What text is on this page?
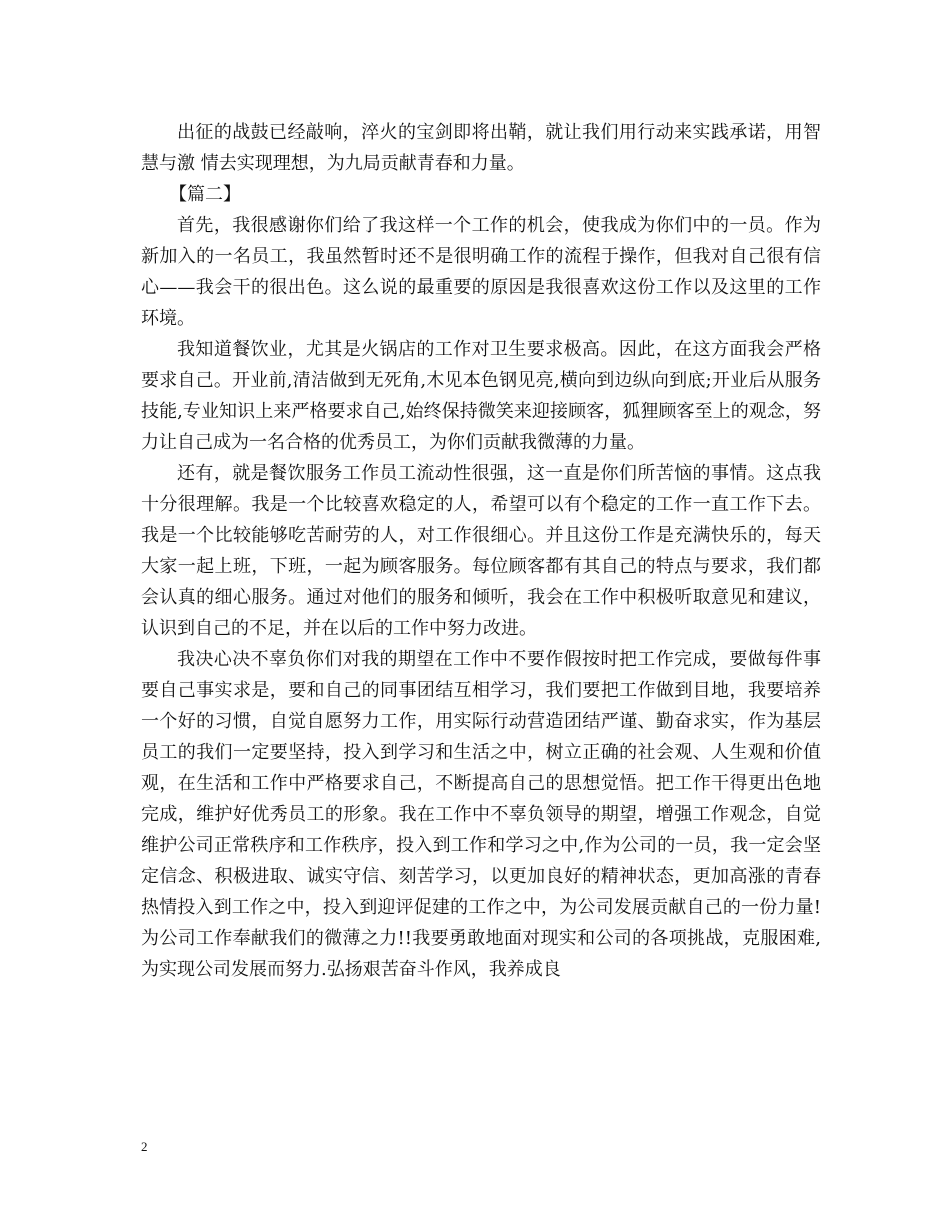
出征的战鼓已经敲响，淬火的宝剑即将出鞘，就让我们用行动来实践承诺，用智慧与激 情去实现理想，为九局贡献青春和力量。

【篇二】

首先，我很感谢你们给了我这样一个工作的机会，使我成为你们中的一员。作为新加入的一名员工，我虽然暂时还不是很明确工作的流程于操作，但我对自己很有信心——我会干的很出色。这么说的最重要的原因是我很喜欢这份工作以及这里的工作环境。

我知道餐饮业，尤其是火锅店的工作对卫生要求极高。因此，在这方面我会严格要求自己。开业前,清洁做到无死角,木见本色钢见亮,横向到边纵向到底;开业后从服务技能,专业知识上来严格要求自己,始终保持微笑来迎接顾客，狐狸顾客至上的观念，努力让自己成为一名合格的优秀员工，为你们贡献我微薄的力量。

还有，就是餐饮服务工作员工流动性很强，这一直是你们所苦恼的事情。这点我十分很理解。我是一个比较喜欢稳定的人，希望可以有个稳定的工作一直工作下去。我是一个比较能够吃苦耐劳的人，对工作很细心。并且这份工作是充满快乐的，每天大家一起上班，下班，一起为顾客服务。每位顾客都有其自己的特点与要求，我们都会认真的细心服务。通过对他们的服务和倾听，我会在工作中积极听取意见和建议，认识到自己的不足，并在以后的工作中努力改进。

我决心决不辜负你们对我的期望在工作中不要作假按时把工作完成，要做每件事要自己事实求是，要和自己的同事团结互相学习，我们要把工作做到目地，我要培养一个好的习惯，自觉自愿努力工作，用实际行动营造团结严谨、勤奋求实，作为基层员工的我们一定要坚持，投入到学习和生活之中，树立正确的社会观、人生观和价值观，在生活和工作中严格要求自己，不断提高自己的思想觉悟。把工作干得更出色地完成，维护好优秀员工的形象。我在工作中不辜负领导的期望，增强工作观念，自觉维护公司正常秩序和工作秩序，投入到工作和学习之中,作为公司的一员，我一定会坚定信念、积极进取、诚实守信、刻苦学习，以更加良好的精神状态，更加高涨的青春热情投入到工作之中，投入到迎评促建的工作之中，为公司发展贡献自己的一份力量!为公司工作奉献我们的微薄之力!!我要勇敢地面对现实和公司的各项挑战，克服困难,为实现公司发展而努力.弘扬艰苦奋斗作风，我养成良

2
